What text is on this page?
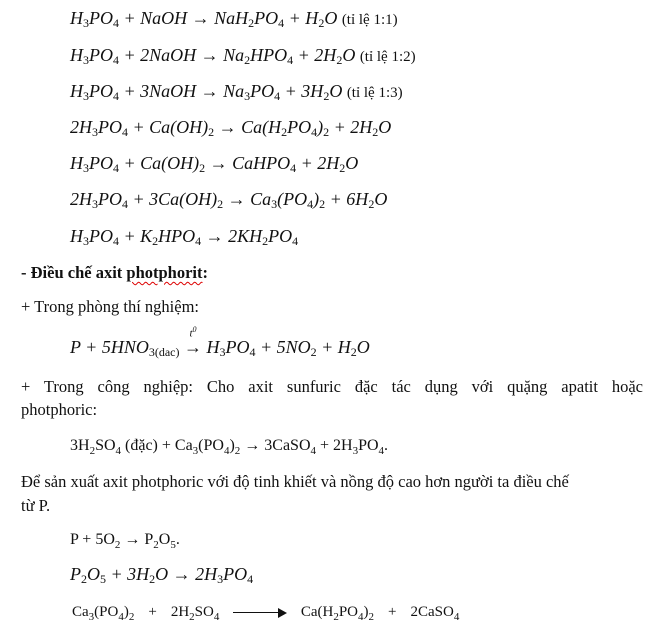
$H_3PO_4$ + NaOH → $NaH_2PO_4 + H_2O$ (tỉ lệ 1:1)
$H_3PO_4$ + 2NaOH → $Na_2HPO_4 + 2H_2O$ (tỉ lệ 1:2)
$H_3PO_4$ + 3NaOH → $Na_3PO_4 + 3H_2O$ (tỉ lệ 1:3)
$2H_3PO_4 + Ca(OH)_2 \to Ca(H_2PO_4)_2 + 2H_2O$
$H_3PO_4 + Ca(OH)_2$ → CaHPO$_4$ + $2H_2O$
$2H_3PO_4 + 3Ca(OH)_2 \to Ca_3(PO_4)_2 + 6H_2O$
$H_3PO_4 + K_2HPO_4 \to 2KH_2PO_4$
- Điều chế axit photphorit:
+ Trong phòng thí nghiệm:
$P + 5HNO_{3(dac)}$
$t^0$
→ $H_3PO_4 + 5NO_2 + H_2O$
+ Trong công nghiệp: Cho axit sunfuric đặc tác dụng với quặng apatit hoặc
photphoric:
$3H_2SO_4$ (đặc) + $Ca_3(PO_4)_2$ → 3CaSO$_4$ + $2H_3PO_4$.
Để sản xuất axit photphoric với độ tinh khiết và nồng độ cao hơn người ta điều chế
từ P.
$P + 5O_2 \to P_2O_5$.
$P_2O_5 + 3H_2O \to 2H_3PO_4$
$Ca_3(PO_4)_2 + 2H_2SO_4$	$Ca(H_2PO_4)_2$ + 2CaSO$_4$
